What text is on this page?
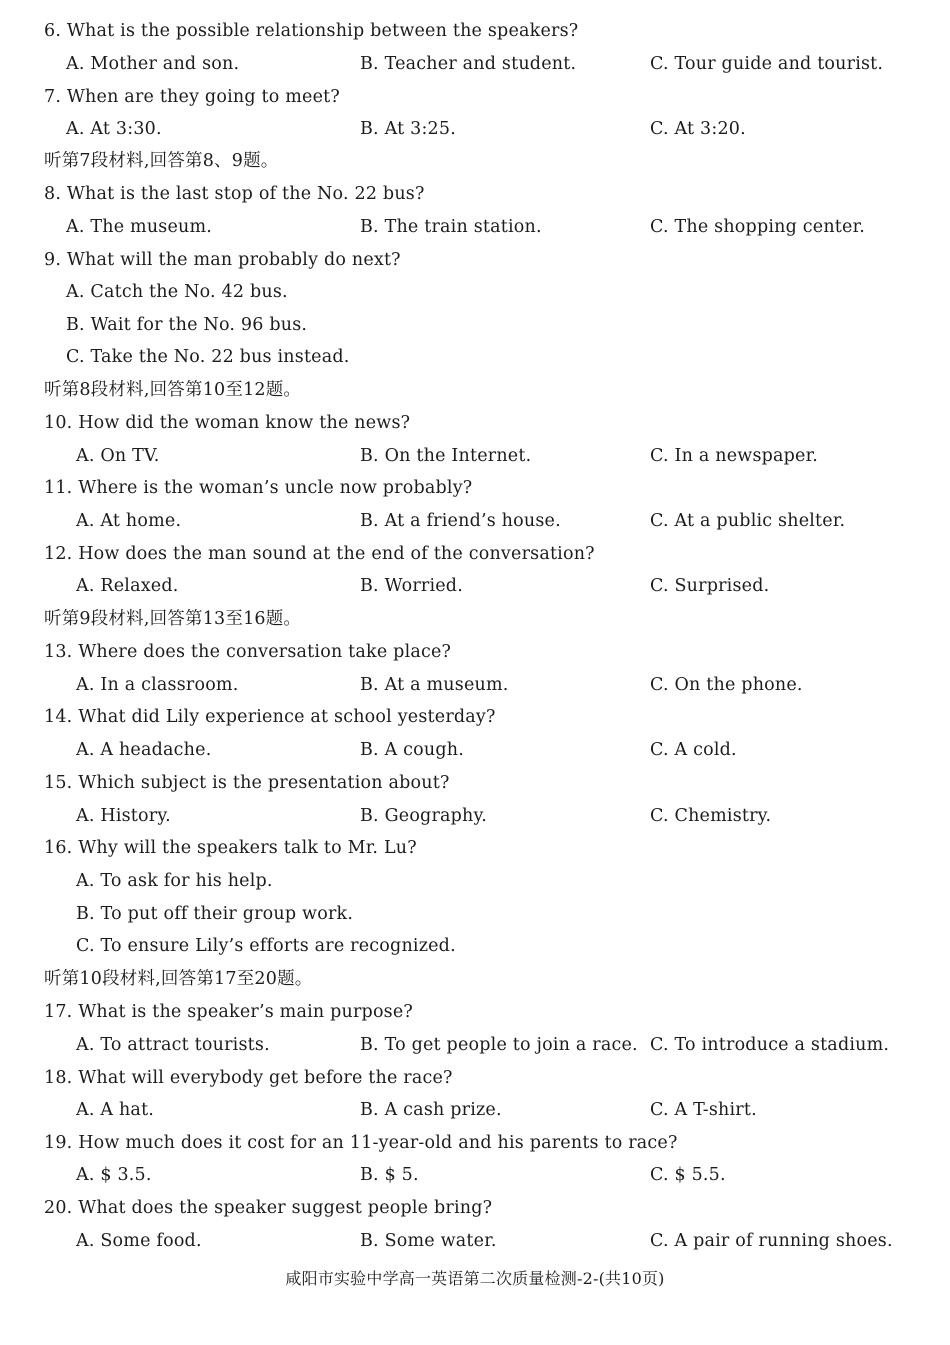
6. What is the possible relationship between the speakers?
A. Mother and son.	B. Teacher and student.	C. Tour guide and tourist.
7. When are they going to meet?
A. At 3:30.	B. At 3:25.	C. At 3:20.
听第7段材料,回答第8、9题。
8. What is the last stop of the No. 22 bus?
A. The museum.	B. The train station.	C. The shopping center.
9. What will the man probably do next?
A. Catch the No. 42 bus.
B. Wait for the No. 96 bus.
C. Take the No. 22 bus instead.
听第8段材料,回答第10至12题。
10. How did the woman know the news?
A. On TV.	B. On the Internet.	C. In a newspaper.
11. Where is the woman’s uncle now probably?
A. At home.	B. At a friend’s house.	C. At a public shelter.
12. How does the man sound at the end of the conversation?
A. Relaxed.	B. Worried.	C. Surprised.
听第9段材料,回答第13至16题。
13. Where does the conversation take place?
A. In a classroom.	B. At a museum.	C. On the phone.
14. What did Lily experience at school yesterday?
A. A headache.	B. A cough.	C. A cold.
15. Which subject is the presentation about?
A. History.	B. Geography.	C. Chemistry.
16. Why will the speakers talk to Mr. Lu?
A. To ask for his help.
B. To put off their group work.
C. To ensure Lily’s efforts are recognized.
听第10段材料,回答第17至20题。
17. What is the speaker’s main purpose?
A. To attract tourists.	B. To get people to join a race. C. To introduce a stadium.
18. What will everybody get before the race?
A. A hat.	B. A cash prize.	C. A T-shirt.
19. How much does it cost for an 11-year-old and his parents to race?
A. $ 3.5.	B. $ 5.	C. $ 5.5.
20. What does the speaker suggest people bring?
A. Some food.	B. Some water.	C. A pair of running shoes.
咸阳市实验中学高一英语第二次质量检测-2-(共10页)
